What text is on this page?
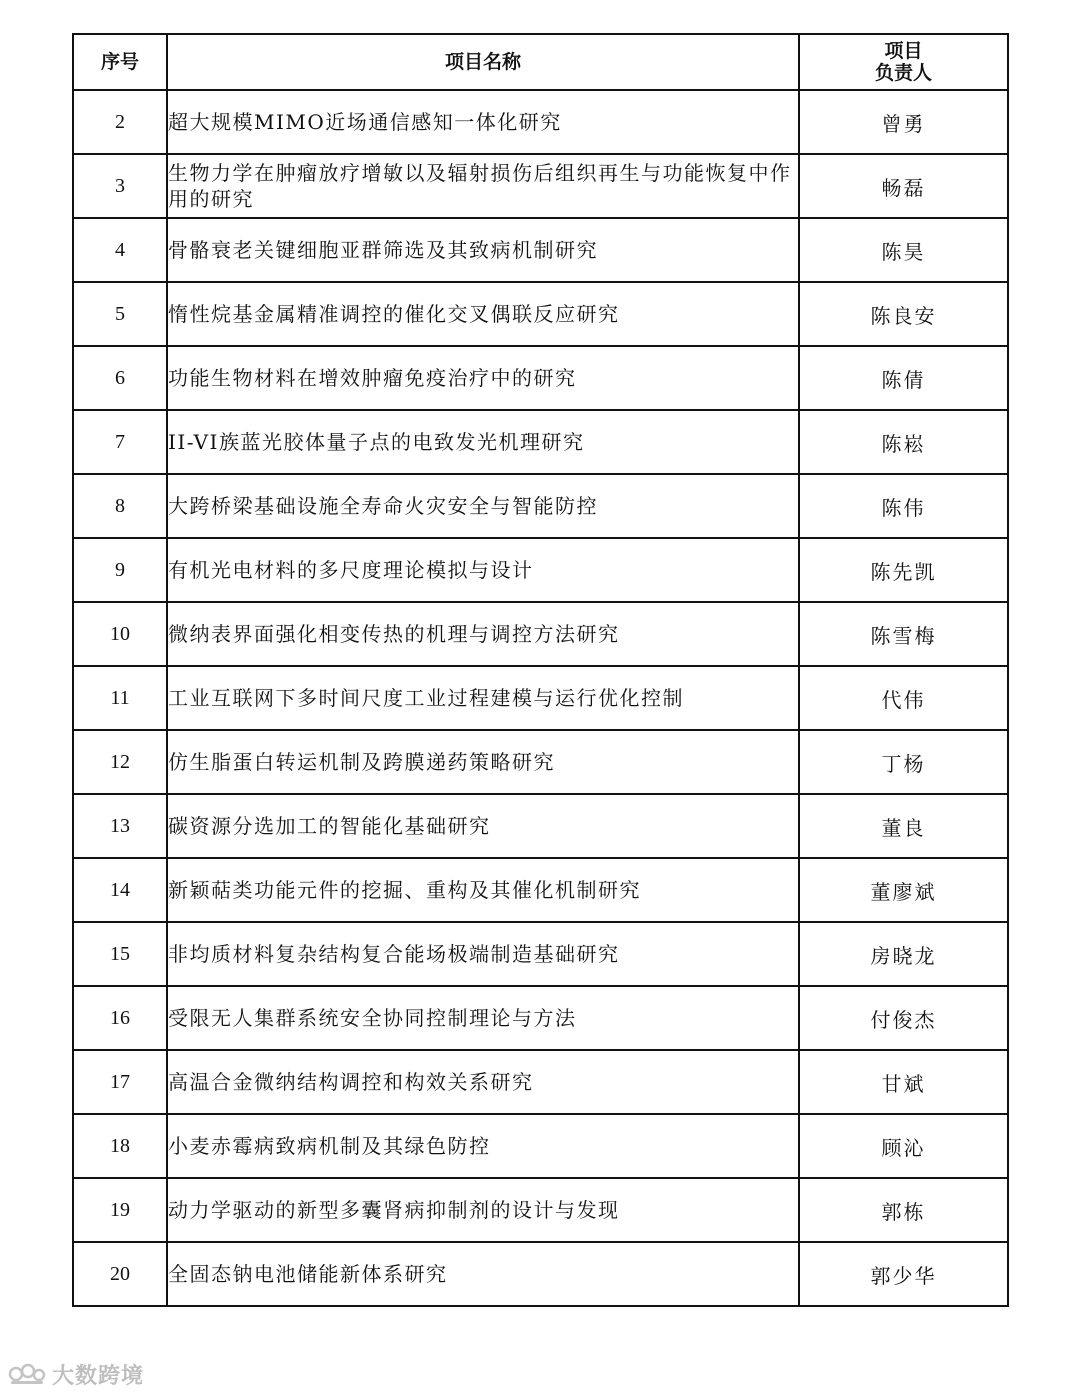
序号	项目名称	项目
负责人

2	超大规模MIMO近场通信感知一体化研究	曾勇
3	生物力学在肿瘤放疗增敏以及辐射损伤后组织再生与功能恢复中作用的研究	畅磊
4	骨骼衰老关键细胞亚群筛选及其致病机制研究	陈昊
5	惰性烷基金属精准调控的催化交叉偶联反应研究	陈良安
6	功能生物材料在增效肿瘤免疫治疗中的研究	陈倩
7	II-VI族蓝光胶体量子点的电致发光机理研究	陈崧
8	大跨桥梁基础设施全寿命火灾安全与智能防控	陈伟
9	有机光电材料的多尺度理论模拟与设计	陈先凯
10	微纳表界面强化相变传热的机理与调控方法研究	陈雪梅
11	工业互联网下多时间尺度工业过程建模与运行优化控制	代伟
12	仿生脂蛋白转运机制及跨膜递药策略研究	丁杨
13	碳资源分选加工的智能化基础研究	董良
14	新颖萜类功能元件的挖掘、重构及其催化机制研究	董廖斌
15	非均质材料复杂结构复合能场极端制造基础研究	房晓龙
16	受限无人集群系统安全协同控制理论与方法	付俊杰
17	高温合金微纳结构调控和构效关系研究	甘斌
18	小麦赤霉病致病机制及其绿色防控	顾沁
19	动力学驱动的新型多囊肾病抑制剂的设计与发现	郭栋
20	全固态钠电池储能新体系研究	郭少华
大数跨境
